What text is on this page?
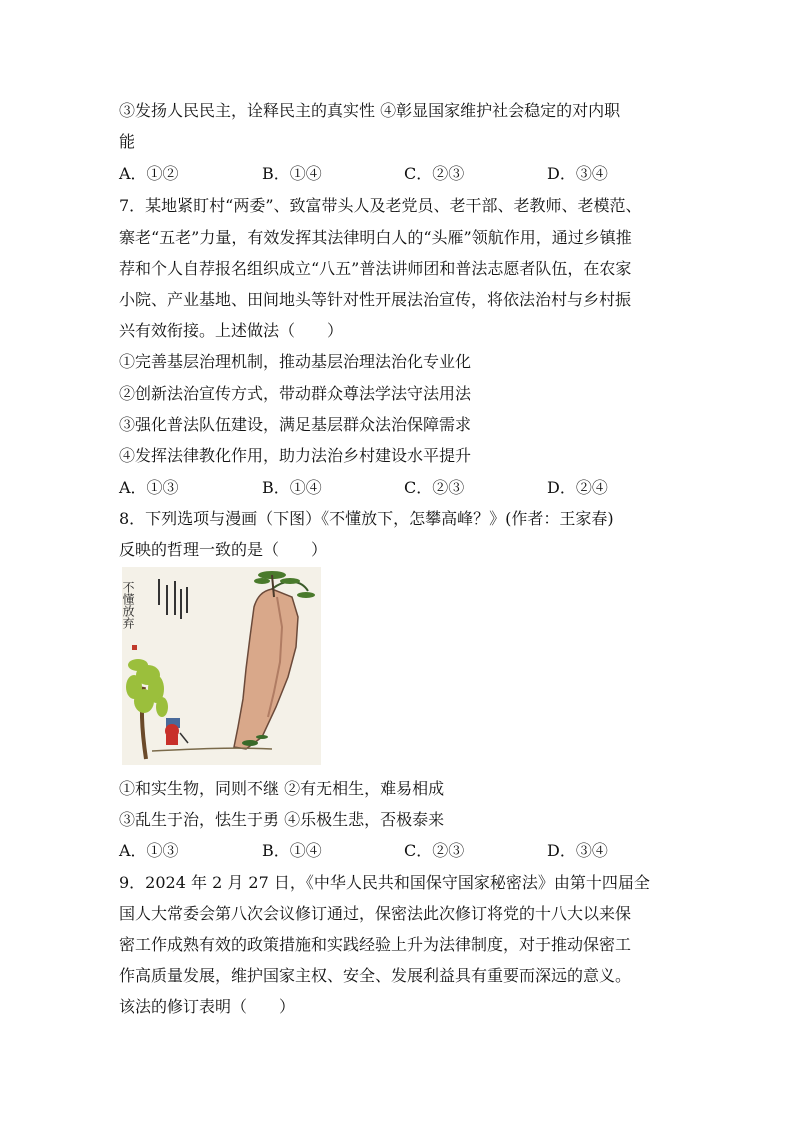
③发扬人民民主，诠释民主的真实性 ④彰显国家维护社会稳定的对内职
能
A．①②	B．①④	C．②③	D．③④
7．某地紧盯村“两委”、致富带头人及老党员、老干部、老教师、老模范、
寨老“五老”力量，有效发挥其法律明白人的“头雁”领航作用，通过乡镇推
荐和个人自荐报名组织成立“八五”普法讲师团和普法志愿者队伍，在农家
小院、产业基地、田间地头等针对性开展法治宣传，将依法治村与乡村振
兴有效衔接。上述做法（　　）
①完善基层治理机制，推动基层治理法治化专业化
②创新法治宣传方式，带动群众尊法学法守法用法
③强化普法队伍建设，满足基层群众法治保障需求
④发挥法律教化作用，助力法治乡村建设水平提升
A．①③	B．①④	C．②③	D．②④
8．下列选项与漫画（下图）《不懂放下，怎攀高峰？》(作者：王家春)
反映的哲理一致的是（　　）
不懂放弃
①和实生物，同则不继 ②有无相生，难易相成
③乱生于治，怯生于勇 ④乐极生悲，否极泰来
A．①③	B．①④	C．②③	D．③④
9．2024 年 2 月 27 日，《中华人民共和国保守国家秘密法》由第十四届全
国人大常委会第八次会议修订通过，保密法此次修订将党的十八大以来保
密工作成熟有效的政策措施和实践经验上升为法律制度，对于推动保密工
作高质量发展，维护国家主权、安全、发展利益具有重要而深远的意义。
该法的修订表明（　　）
